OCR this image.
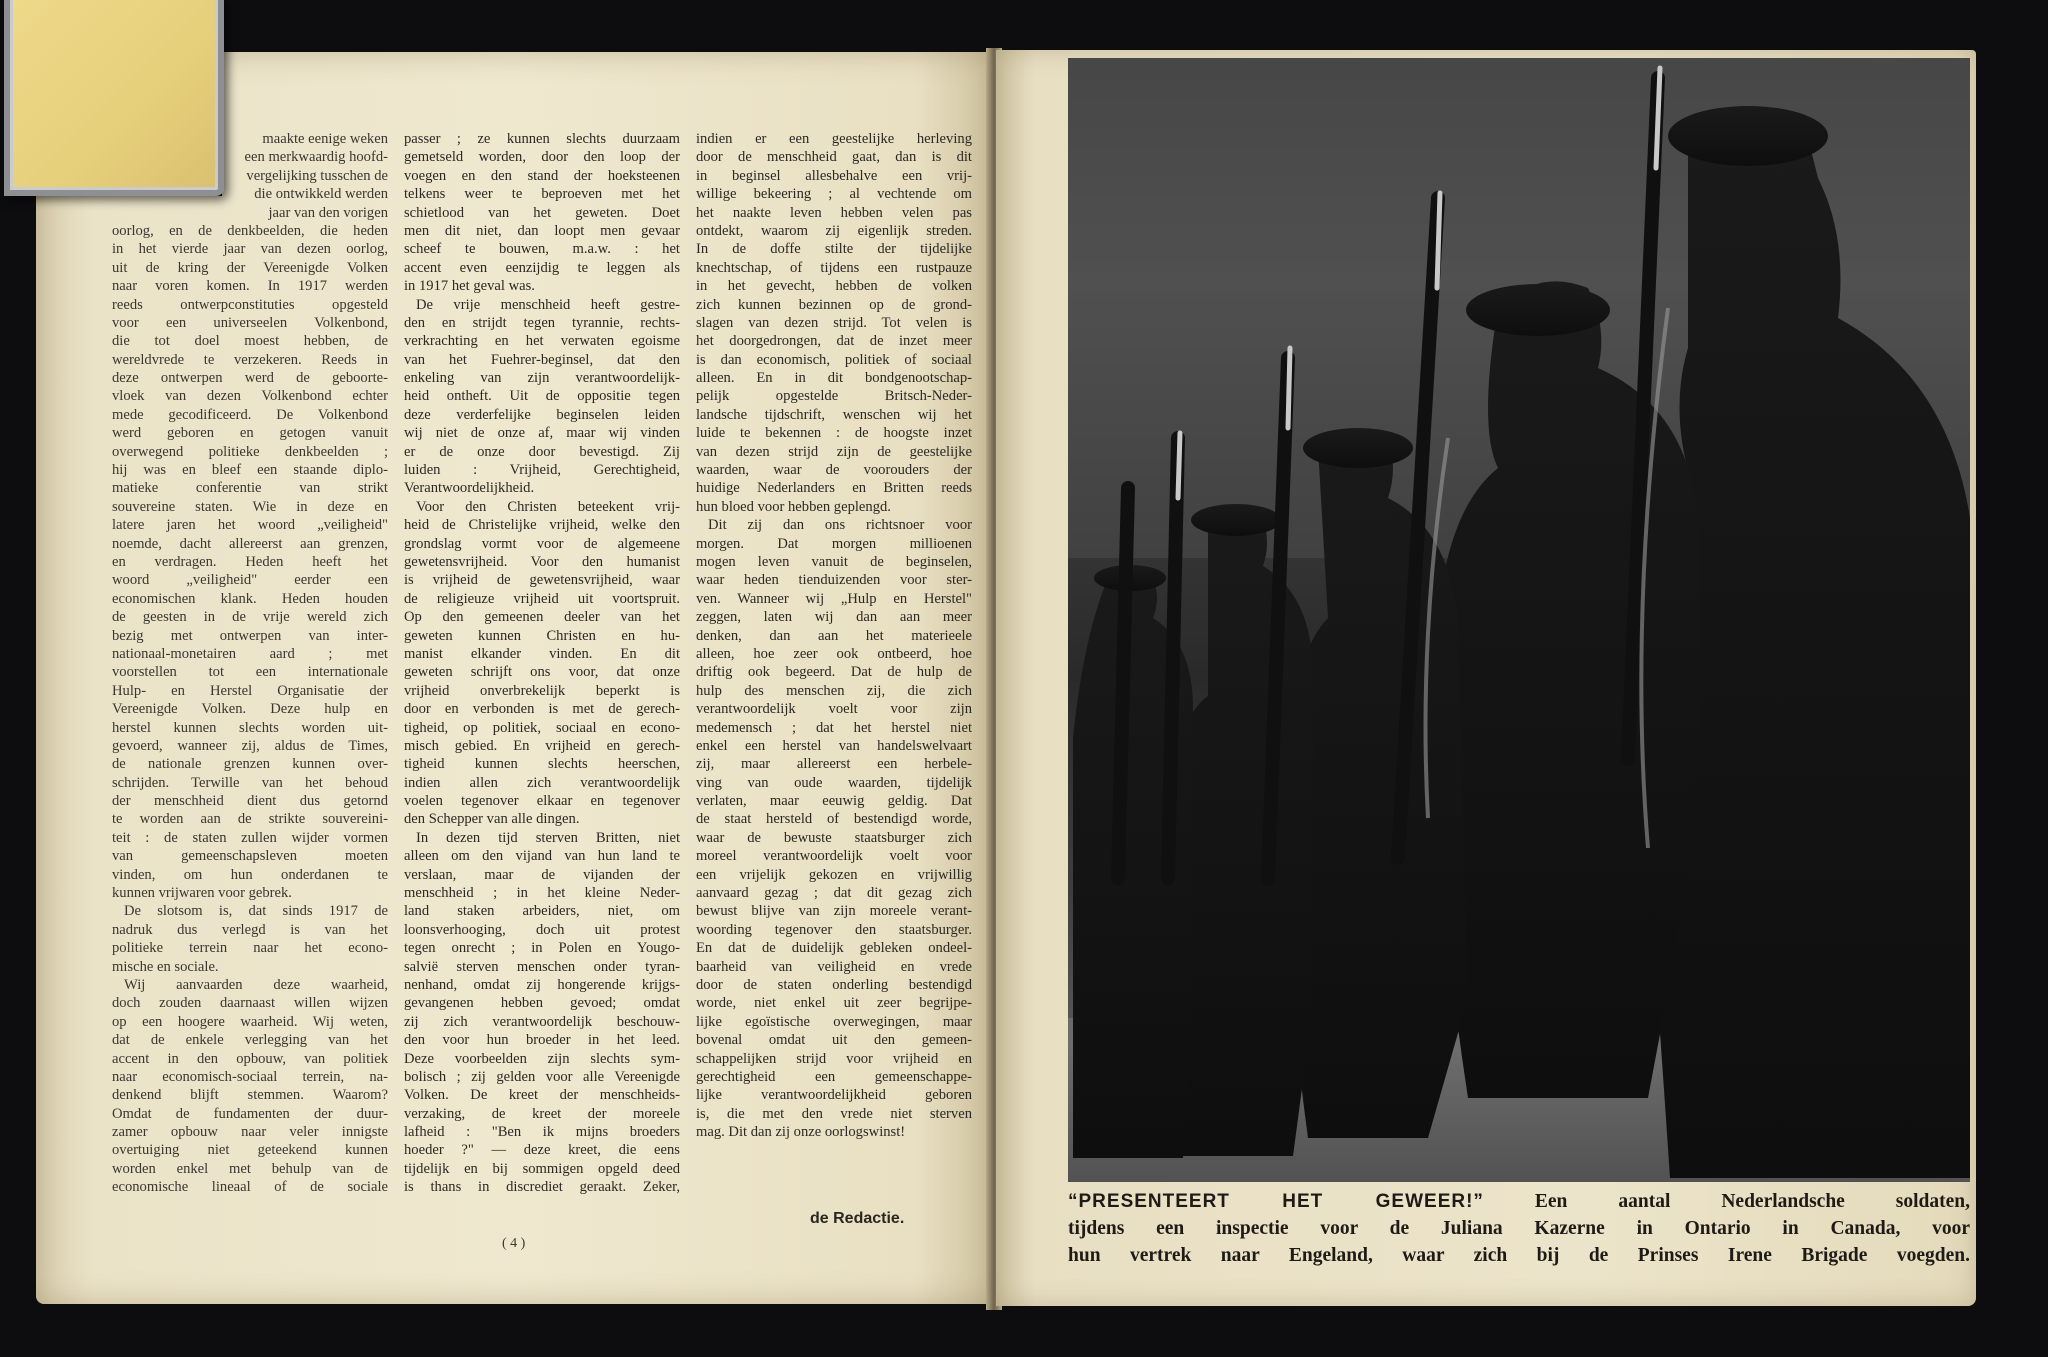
maakte eenige weken
een merkwaardig hoofd-
vergelijking tusschen de
die ontwikkeld werden
jaar van den vorigen
oorlog, en de denkbeelden, die heden
in het vierde jaar van dezen oorlog,
uit de kring der Vereenigde Volken
naar voren komen. In 1917 werden
reeds ontwerpconstituties opgesteld
voor een universeelen Volkenbond,
die tot doel moest hebben, de
wereldvrede te verzekeren. Reeds in
deze ontwerpen werd de geboorte-
vloek van dezen Volkenbond echter
mede gecodificeerd. De Volkenbond
werd geboren en getogen vanuit
overwegend politieke denkbeelden ;
hij was en bleef een staande diplo-
matieke conferentie van strikt
souvereine staten. Wie in deze en
latere jaren het woord „veiligheid"
noemde, dacht allereerst aan grenzen,
en verdragen. Heden heeft het
woord „veiligheid" eerder een
economischen klank. Heden houden
de geesten in de vrije wereld zich
bezig met ontwerpen van inter-
nationaal-monetairen aard ; met
voorstellen tot een internationale
Hulp- en Herstel Organisatie der
Vereenigde Volken. Deze hulp en
herstel kunnen slechts worden uit-
gevoerd, wanneer zij, aldus de Times,
de nationale grenzen kunnen over-
schrijden. Terwille van het behoud
der menschheid dient dus getornd
te worden aan de strikte souvereini-
teit : de staten zullen wijder vormen
van gemeenschapsleven moeten
vinden, om hun onderdanen te
kunnen vrijwaren voor gebrek.
De slotsom is, dat sinds 1917 de
nadruk dus verlegd is van het
politieke terrein naar het econo-
mische en sociale.
Wij aanvaarden deze waarheid,
doch zouden daarnaast willen wijzen
op een hoogere waarheid. Wij weten,
dat de enkele verlegging van het
accent in den opbouw, van politiek
naar economisch-sociaal terrein, na-
denkend blijft stemmen. Waarom?
Omdat de fundamenten der duur-
zamer opbouw naar veler innigste
overtuiging niet geteekend kunnen
worden enkel met behulp van de
economische lineaal of de sociale
passer ; ze kunnen slechts duurzaam
gemetseld worden, door den loop der
voegen en den stand der hoeksteenen
telkens weer te beproeven met het
schietlood van het geweten. Doet
men dit niet, dan loopt men gevaar
scheef te bouwen, m.a.w. : het
accent even eenzijdig te leggen als
in 1917 het geval was.
De vrije menschheid heeft gestre-
den en strijdt tegen tyrannie, rechts-
verkrachting en het verwaten egoisme
van het Fuehrer-beginsel, dat den
enkeling van zijn verantwoordelijk-
heid ontheft. Uit de oppositie tegen
deze verderfelijke beginselen leiden
wij niet de onze af, maar wij vinden
er de onze door bevestigd. Zij
luiden : Vrijheid, Gerechtigheid,
Verantwoordelijkheid.
Voor den Christen beteekent vrij-
heid de Christelijke vrijheid, welke den
grondslag vormt voor de algemeene
gewetensvrijheid. Voor den humanist
is vrijheid de gewetensvrijheid, waar
de religieuze vrijheid uit voortspruit.
Op den gemeenen deeler van het
geweten kunnen Christen en hu-
manist elkander vinden. En dit
geweten schrijft ons voor, dat onze
vrijheid onverbrekelijk beperkt is
door en verbonden is met de gerech-
tigheid, op politiek, sociaal en econo-
misch gebied. En vrijheid en gerech-
tigheid kunnen slechts heerschen,
indien allen zich verantwoordelijk
voelen tegenover elkaar en tegenover
den Schepper van alle dingen.
In dezen tijd sterven Britten, niet
alleen om den vijand van hun land te
verslaan, maar de vijanden der
menschheid ; in het kleine Neder-
land staken arbeiders, niet, om
loonsverhooging, doch uit protest
tegen onrecht ; in Polen en Yougo-
salvië sterven menschen onder tyran-
nenhand, omdat zij hongerende krijgs-
gevangenen hebben gevoed; omdat
zij zich verantwoordelijk beschouw-
den voor hun broeder in het leed.
Deze voorbeelden zijn slechts sym-
bolisch ; zij gelden voor alle Vereenigde
Volken. De kreet der menschheids-
verzaking, de kreet der moreele
lafheid : "Ben ik mijns broeders
hoeder ?" — deze kreet, die eens
tijdelijk en bij sommigen opgeld deed
is thans in discrediet geraakt. Zeker,
indien er een geestelijke herleving
door de menschheid gaat, dan is dit
in beginsel allesbehalve een vrij-
willige bekeering ; al vechtende om
het naakte leven hebben velen pas
ontdekt, waarom zij eigenlijk streden.
In de doffe stilte der tijdelijke
knechtschap, of tijdens een rustpauze
in het gevecht, hebben de volken
zich kunnen bezinnen op de grond-
slagen van dezen strijd. Tot velen is
het doorgedrongen, dat de inzet meer
is dan economisch, politiek of sociaal
alleen. En in dit bondgenootschap-
pelijk opgestelde Britsch-Neder-
landsche tijdschrift, wenschen wij het
luide te bekennen : de hoogste inzet
van dezen strijd zijn de geestelijke
waarden, waar de voorouders der
huidige Nederlanders en Britten reeds
hun bloed voor hebben geplengd.
Dit zij dan ons richtsnoer voor
morgen. Dat morgen millioenen
mogen leven vanuit de beginselen,
waar heden tienduizenden voor ster-
ven. Wanneer wij „Hulp en Herstel"
zeggen, laten wij dan aan meer
denken, dan aan het materieele
alleen, hoe zeer ook ontbeerd, hoe
driftig ook begeerd. Dat de hulp de
hulp des menschen zij, die zich
verantwoordelijk voelt voor zijn
medemensch ; dat het herstel niet
enkel een herstel van handelswelvaart
zij, maar allereerst een herbele-
ving van oude waarden, tijdelijk
verlaten, maar eeuwig geldig. Dat
de staat hersteld of bestendigd worde,
waar de bewuste staatsburger zich
moreel verantwoordelijk voelt voor
een vrijelijk gekozen en vrijwillig
aanvaard gezag ; dat dit gezag zich
bewust blijve van zijn moreele verant-
woording tegenover den staatsburger.
En dat de duidelijk gebleken ondeel-
baarheid van veiligheid en vrede
door de staten onderling bestendigd
worde, niet enkel uit zeer begrijpe-
lijke egoïstische overwegingen, maar
bovenal omdat uit den gemeen-
schappelijken strijd voor vrijheid en
gerechtigheid een gemeenschappe-
lijke verantwoordelijkheid geboren
is, die met den vrede niet sterven
mag. Dit dan zij onze oorlogswinst!
( 4 )
de Redactie.
“PRESENTEERT HET GEWEER!”	Een aantal Nederlandsche soldaten,
tijdens een inspectie voor de Juliana Kazerne in Ontario in Canada, voor
hun vertrek naar Engeland, waar zich bij de Prinses Irene Brigade voegden.
